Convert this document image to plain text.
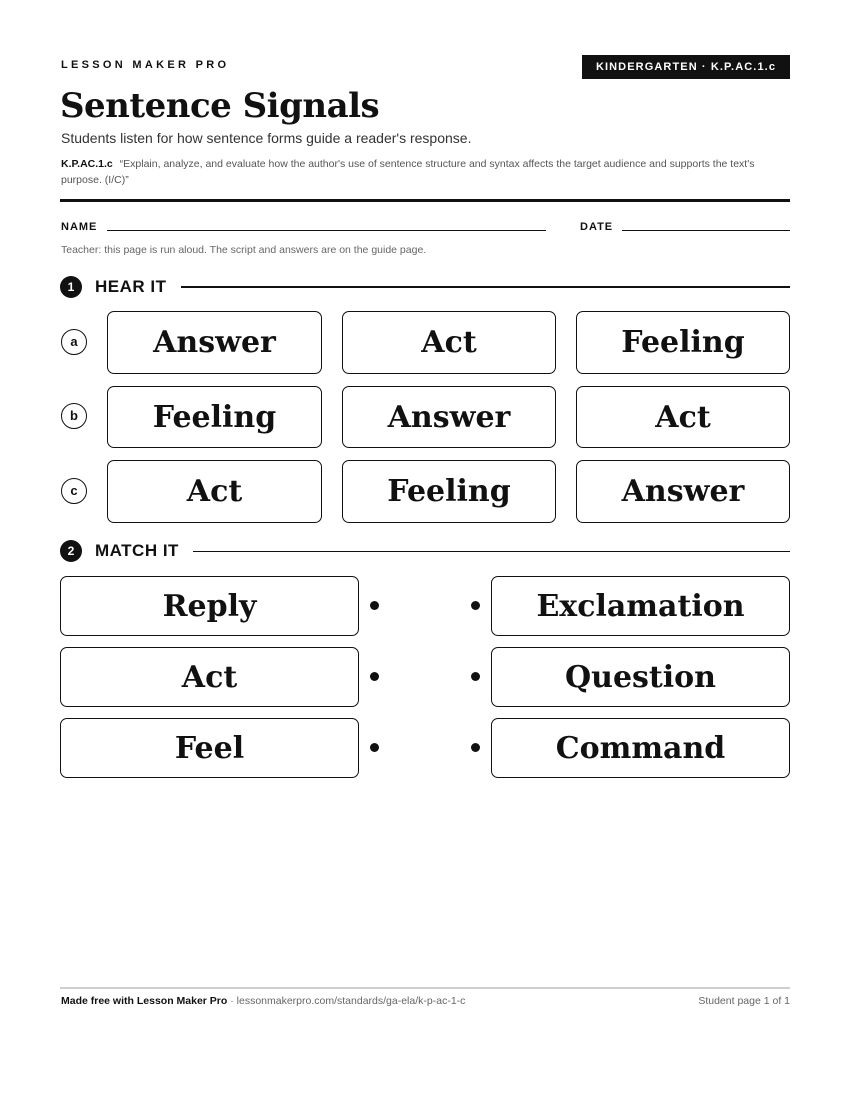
LESSON MAKER PRO	KINDERGARTEN · K.P.AC.1.c
Sentence Signals
Students listen for how sentence forms guide a reader's response.
K.P.AC.1.c “Explain, analyze, and evaluate how the author's use of sentence structure and syntax affects the target audience and supports the text's purpose. (I/C)”
NAME	DATE
Teacher: this page is run aloud. The script and answers are on the guide page.
1	HEAR IT
a	Answer	Act	Feeling
b	Feeling	Answer	Act
c	Act	Feeling	Answer
2	MATCH IT
Reply	Exclamation
Act	Question
Feel	Command
Made free with Lesson Maker Pro · lessonmakerpro.com/standards/ga-ela/k-p-ac-1-c	Student page 1 of 1
